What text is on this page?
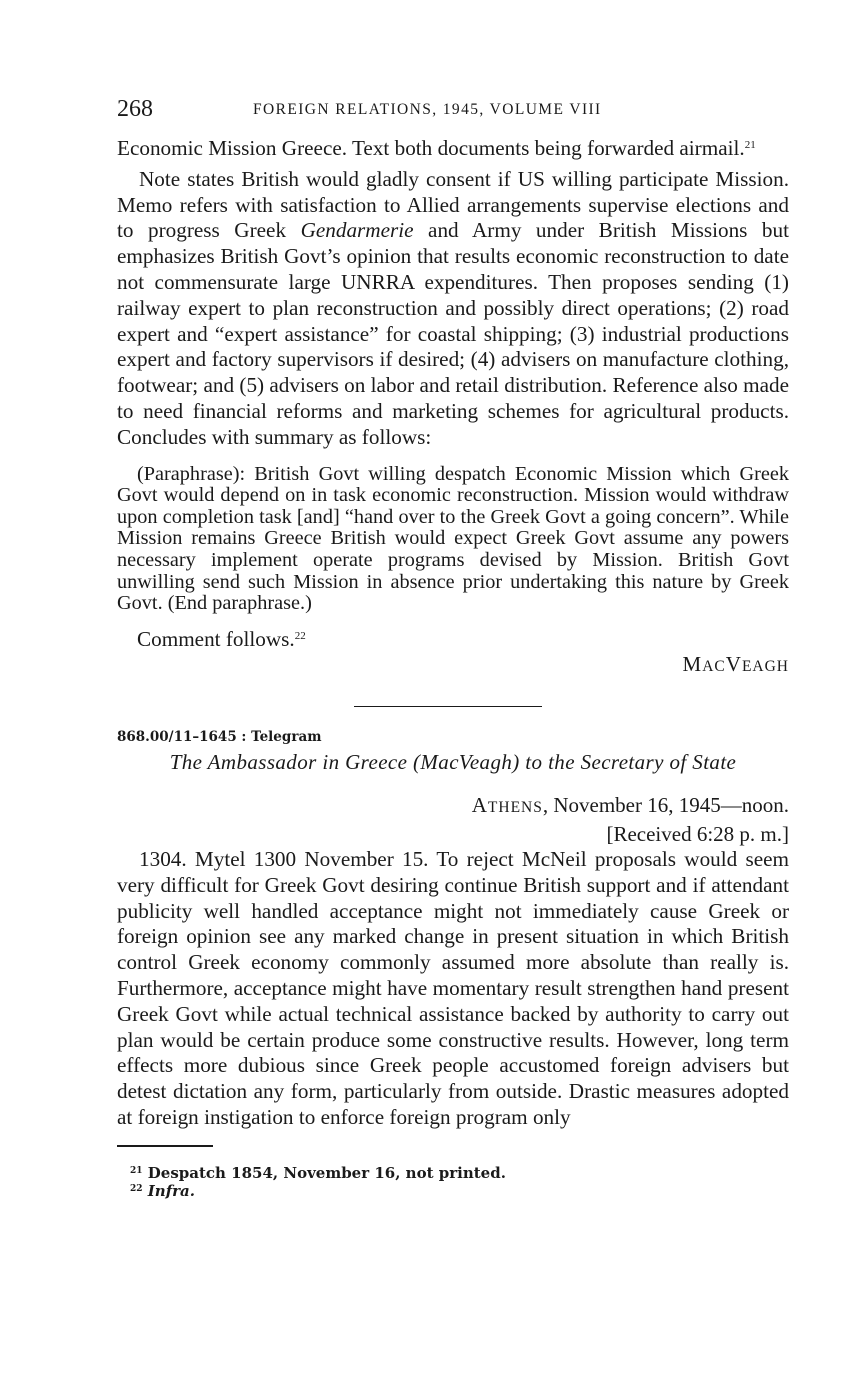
268	FOREIGN RELATIONS, 1945, VOLUME VIII

Economic Mission Greece. Text both documents being forwarded airmail.$^{21}$

Note states British would gladly consent if US willing participate Mission. Memo refers with satisfaction to Allied arrangements supervise elections and to progress Greek Gendarmerie and Army under British Missions but emphasizes British Govt’s opinion that results economic reconstruction to date not commensurate large UNRRA expenditures. Then proposes sending (1) railway expert to plan reconstruction and possibly direct operations; (2) road expert and “expert assistance” for coastal shipping; (3) industrial productions expert and factory supervisors if desired; (4) advisers on manufacture clothing, footwear; and (5) advisers on labor and retail distribution. Reference also made to need financial reforms and marketing schemes for agricultural products. Concludes with summary as follows:

(Paraphrase): British Govt willing despatch Economic Mission which Greek Govt would depend on in task economic reconstruction. Mission would withdraw upon completion task [and] “hand over to the Greek Govt a going concern”. While Mission remains Greece British would expect Greek Govt assume any powers necessary implement operate programs devised by Mission. British Govt unwilling send such Mission in absence prior undertaking this nature by Greek Govt. (End paraphrase.)

Comment follows.$^{22}$

MACVEAGH

868.00/11–1645 : Telegram

The Ambassador in Greece (MacVeagh) to the Secretary of State

ATHENS, November 16, 1945—noon.
[Received 6:28 p. m.]

1304. Mytel 1300 November 15. To reject McNeil proposals would seem very difficult for Greek Govt desiring continue British support and if attendant publicity well handled acceptance might not immediately cause Greek or foreign opinion see any marked change in present situation in which British control Greek economy commonly assumed more absolute than really is. Furthermore, acceptance might have momentary result strengthen hand present Greek Govt while actual technical assistance backed by authority to carry out plan would be certain produce some constructive results. However, long term effects more dubious since Greek people accustomed foreign advisers but detest dictation any form, particularly from outside. Drastic measures adopted at foreign instigation to enforce foreign program only

$^{21}$ Despatch 1854, November 16, not printed.
$^{22}$ Infra.
